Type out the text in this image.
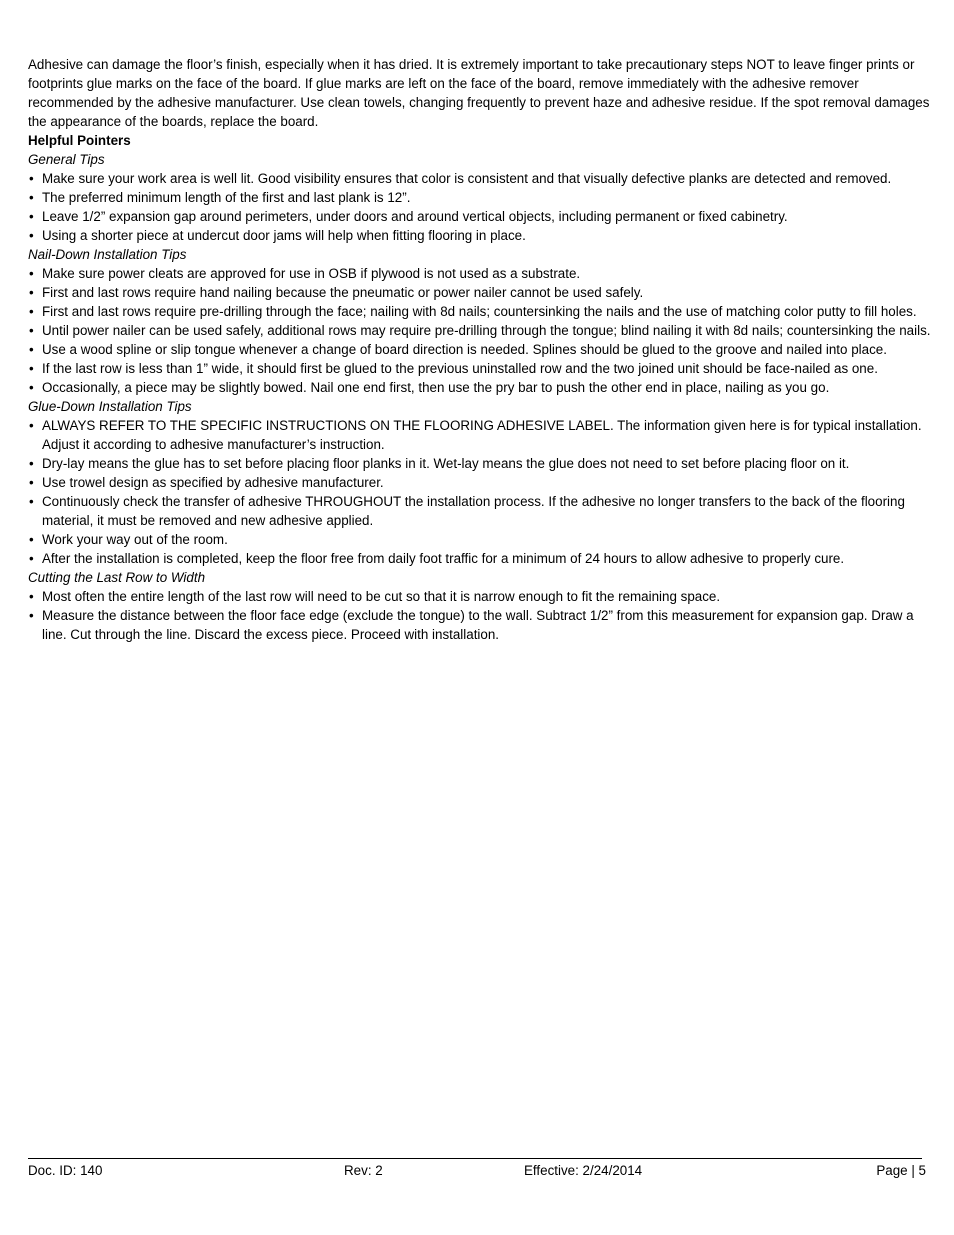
Adhesive can damage the floor’s finish, especially when it has dried. It is extremely important to take precautionary steps NOT to leave finger prints or footprints glue marks on the face of the board. If glue marks are left on the face of the board, remove immediately with the adhesive remover recommended by the adhesive manufacturer. Use clean towels, changing frequently to prevent haze and adhesive residue. If the spot removal damages the appearance of the boards, replace the board.

Helpful Pointers

General Tips

• Make sure your work area is well lit. Good visibility ensures that color is consistent and that visually defective planks are detected and removed.
• The preferred minimum length of the first and last plank is 12”.
• Leave 1/2” expansion gap around perimeters, under doors and around vertical objects, including permanent or fixed cabinetry.
• Using a shorter piece at undercut door jams will help when fitting flooring in place.

Nail-Down Installation Tips

• Make sure power cleats are approved for use in OSB if plywood is not used as a substrate.
• First and last rows require hand nailing because the pneumatic or power nailer cannot be used safely.
• First and last rows require pre-drilling through the face; nailing with 8d nails; countersinking the nails and the use of matching color putty to fill holes.
• Until power nailer can be used safely, additional rows may require pre-drilling through the tongue; blind nailing it with 8d nails; countersinking the nails.
• Use a wood spline or slip tongue whenever a change of board direction is needed. Splines should be glued to the groove and nailed into place.
• If the last row is less than 1” wide, it should first be glued to the previous uninstalled row and the two joined unit should be face-nailed as one.
• Occasionally, a piece may be slightly bowed. Nail one end first, then use the pry bar to push the other end in place, nailing as you go.

Glue-Down Installation Tips

• ALWAYS REFER TO THE SPECIFIC INSTRUCTIONS ON THE FLOORING ADHESIVE LABEL. The information given here is for typical installation. Adjust it according to adhesive manufacturer’s instruction.
• Dry-lay means the glue has to set before placing floor planks in it. Wet-lay means the glue does not need to set before placing floor on it.
• Use trowel design as specified by adhesive manufacturer.
• Continuously check the transfer of adhesive THROUGHOUT the installation process. If the adhesive no longer transfers to the back of the flooring material, it must be removed and new adhesive applied.
• Work your way out of the room.
• After the installation is completed, keep the floor free from daily foot traffic for a minimum of 24 hours to allow adhesive to properly cure.

Cutting the Last Row to Width

• Most often the entire length of the last row will need to be cut so that it is narrow enough to fit the remaining space.
• Measure the distance between the floor face edge (exclude the tongue) to the wall. Subtract 1/2” from this measurement for expansion gap. Draw a line. Cut through the line. Discard the excess piece. Proceed with installation.
Doc. ID: 140	Rev: 2	Effective: 2/24/2014	Page | 5
